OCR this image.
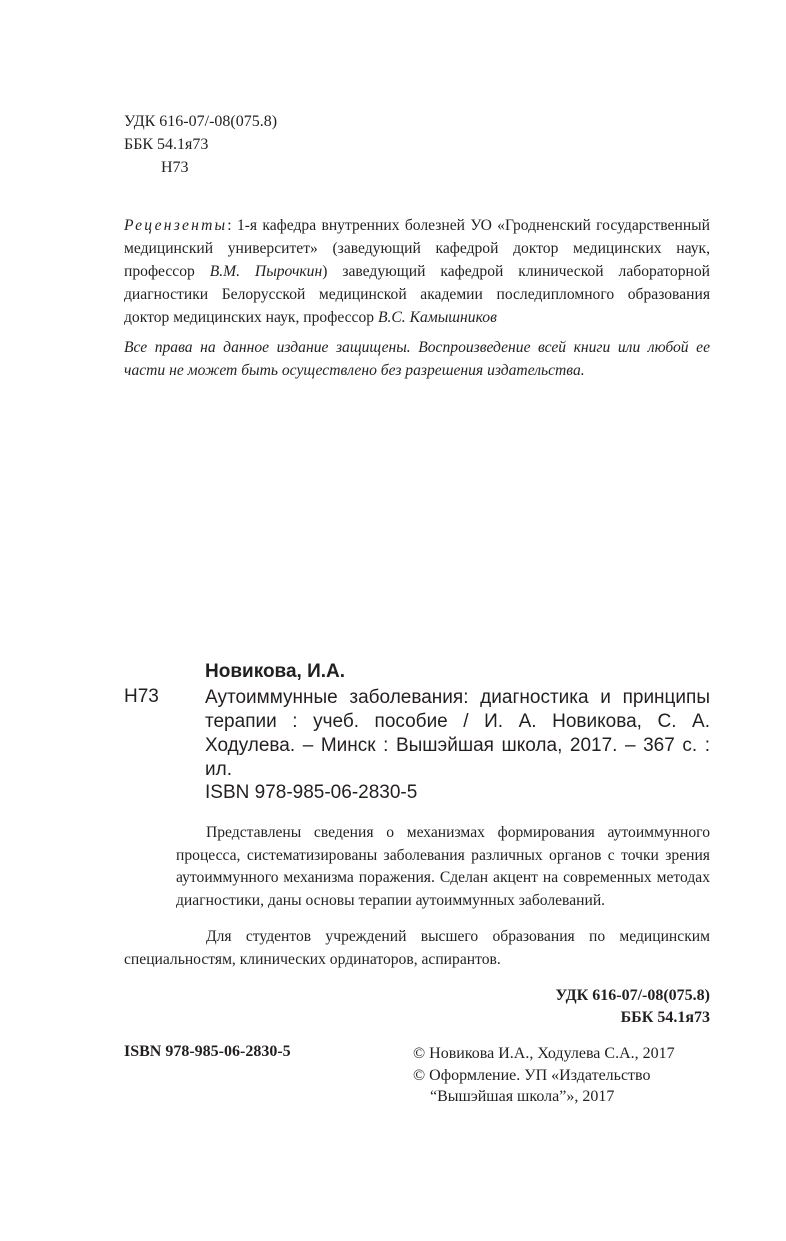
УДК 616-07/-08(075.8)
ББК 54.1я73
Н73
Рецензенты: 1-я кафедра внутренних болезней УО «Гродненский государственный медицинский университет» (заведующий кафедрой доктор медицинских наук, профессор В.М. Пырочкин) заведующий кафедрой клинической лабораторной диагностики Белорусской медицинской академии последипломного образования доктор медицинских наук, профессор В.С. Камышников
Все права на данное издание защищены. Воспроизведение всей книги или любой ее части не может быть осуществлено без разрешения издательства.
Новикова, И.А.
Н73 Аутоиммунные заболевания: диагностика и принципы терапии : учеб. пособие / И. А. Новикова, С. А. Ходулева. – Минск : Вышэйшая школа, 2017. – 367 с. : ил.
ISBN 978-985-06-2830-5
Представлены сведения о механизмах формирования аутоиммунного процесса, систематизированы заболевания различных органов с точки зрения аутоиммунного механизма поражения. Сделан акцент на современных методах диагностики, даны основы терапии аутоиммунных заболеваний.
Для студентов учреждений высшего образования по медицинским специальностям, клинических ординаторов, аспирантов.
УДК 616-07/-08(075.8)
ББК 54.1я73
ISBN 978-985-06-2830-5	© Новикова И.А., Ходулева С.А., 2017
© Оформление. УП «Издательство
“Вышэйшая школа”», 2017
